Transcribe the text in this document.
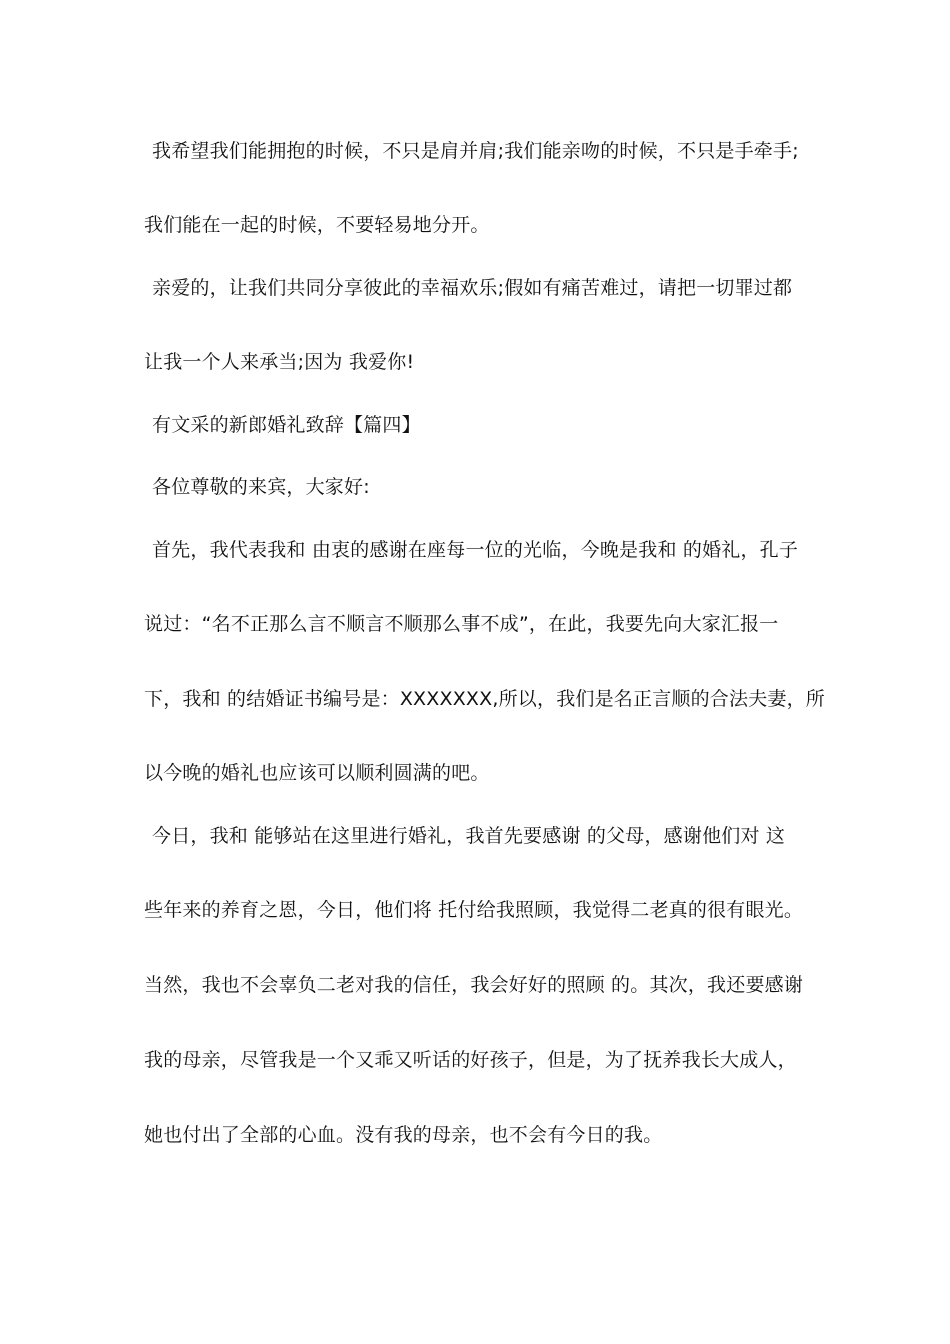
我希望我们能拥抱的时候，不只是肩并肩;我们能亲吻的时候，不只是手牵手;
我们能在一起的时候，不要轻易地分开。
亲爱的，让我们共同分享彼此的幸福欢乐;假如有痛苦难过，请把一切罪过都
让我一个人来承当;因为 我爱你!
有文采的新郎婚礼致辞【篇四】
各位尊敬的来宾，大家好:
首先，我代表我和 由衷的感谢在座每一位的光临，今晚是我和 的婚礼，孔子
说过：“名不正那么言不顺言不顺那么事不成”，在此，我要先向大家汇报一
下，我和 的结婚证书编号是：XXXXXXX,所以，我们是名正言顺的合法夫妻，所
以今晚的婚礼也应该可以顺利圆满的吧。
今日，我和 能够站在这里进行婚礼，我首先要感谢 的父母，感谢他们对 这
些年来的养育之恩，今日，他们将 托付给我照顾，我觉得二老真的很有眼光。
当然，我也不会辜负二老对我的信任，我会好好的照顾 的。其次，我还要感谢
我的母亲，尽管我是一个又乖又听话的好孩子，但是，为了抚养我长大成人，
她也付出了全部的心血。没有我的母亲，也不会有今日的我。
